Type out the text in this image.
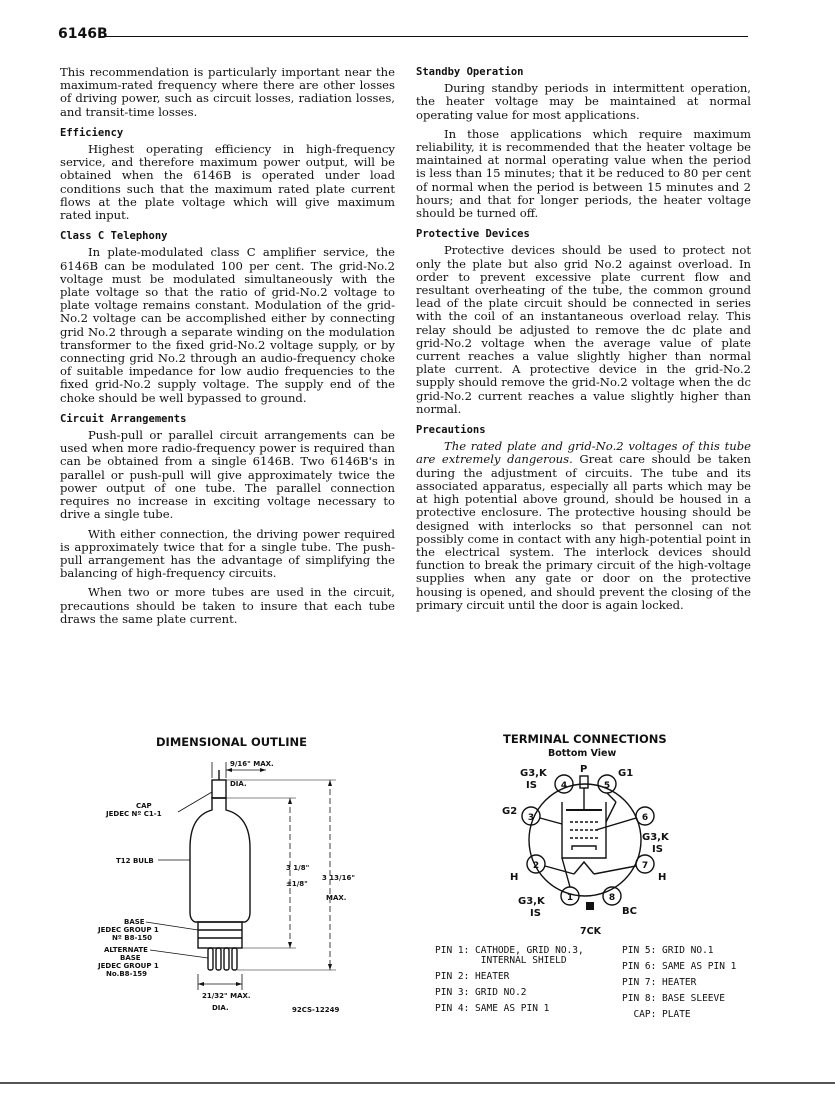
6146B

This recommendation is particularly important near the maximum-rated frequency where there are other losses of driving power, such as circuit losses, radiation losses, and transit-time losses.

Efficiency

Highest operating efficiency in high-frequency service, and therefore maximum power output, will be obtained when the 6146B is operated under load conditions such that the maximum rated plate current flows at the plate voltage which will give maximum rated input.

Class C Telephony

In plate-modulated class C amplifier service, the 6146B can be modulated 100 per cent. The grid-No.2 voltage must be modulated simultaneously with the plate voltage so that the ratio of grid-No.2 voltage to plate voltage remains constant. Modulation of the grid-No.2 voltage can be accomplished either by connecting grid No.2 through a separate winding on the modulation transformer to the fixed grid-No.2 voltage supply, or by connecting grid No.2 through an audio-frequency choke of suitable impedance for low audio frequencies to the fixed grid-No.2 supply voltage. The supply end of the choke should be well bypassed to ground.

Circuit Arrangements

Push-pull or parallel circuit arrangements can be used when more radio-frequency power is required than can be obtained from a single 6146B. Two 6146B's in parallel or push-pull will give approximately twice the power output of one tube. The parallel connection requires no increase in exciting voltage necessary to drive a single tube.

With either connection, the driving power required is approximately twice that for a single tube. The push-pull arrangement has the advantage of simplifying the balancing of high-frequency circuits.

When two or more tubes are used in the circuit, precautions should be taken to insure that each tube draws the same plate current.

Standby Operation

During standby periods in intermittent operation, the heater voltage may be maintained at normal operating value for most applications.

In those applications which require maximum reliability, it is recommended that the heater voltage be maintained at normal operating value when the period is less than 15 minutes; that it be reduced to 80 per cent of normal when the period is between 15 minutes and 2 hours; and that for longer periods, the heater voltage should be turned off.

Protective Devices

Protective devices should be used to protect not only the plate but also grid No.2 against overload. In order to prevent excessive plate current flow and resultant overheating of the tube, the common ground lead of the plate circuit should be connected in series with the coil of an instantaneous overload relay. This relay should be adjusted to remove the dc plate and grid-No.2 voltage when the average value of plate current reaches a value slightly higher than normal plate current. A protective device in the grid-No.2 supply should remove the grid-No.2 voltage when the dc grid-No.2 current reaches a value slightly higher than normal.

Precautions

The rated plate and grid-No.2 voltages of this tube are extremely dangerous. Great care should be taken during the adjustment of circuits. The tube and its associated apparatus, especially all parts which may be at high potential above ground, should be housed in a protective enclosure. The protective housing should be designed with interlocks so that personnel can not possibly come in contact with any high-potential point in the electrical system. The interlock devices should function to break the primary circuit of the high-voltage supplies when any gate or door on the protective housing is opened, and should prevent the closing of the primary circuit until the door is again locked.

DIMENSIONAL OUTLINE
9/16" MAX.
DIA.
CAP
JEDEC Nº C1-1
T12 BULB
3 1/8"
±1/8"
3 13/16"
MAX.
BASE
JEDEC GROUP 1
Nº B8-150
ALTERNATE
BASE
JEDEC GROUP 1
No.B8-159
21/32" MAX.
DIA.	92CS-12249
TERMINAL CONNECTIONS
Bottom View
4	5
3	6
2	7
1	8
G3,K
IS
P	G1
G2
G3,K
IS
H	H
G3,K
IS	BC
7CK
PIN 1: CATHODE, GRID NO.3,
INTERNAL SHIELD
PIN 2: HEATER
PIN 3: GRID NO.2
PIN 4: SAME AS PIN 1
PIN 5: GRID NO.1
PIN 6: SAME AS PIN 1
PIN 7: HEATER
PIN 8: BASE SLEEVE
CAP: PLATE
